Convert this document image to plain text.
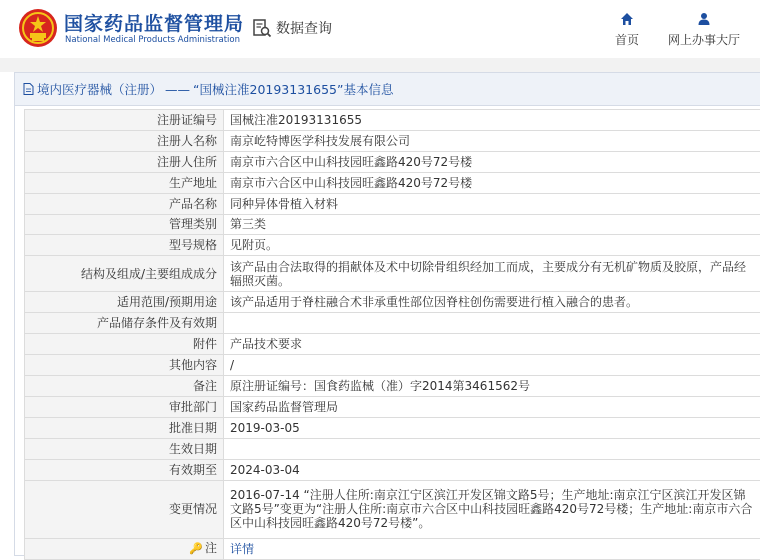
国家药品监督管理局
National Medical Products Administration
数据查询
首页 网上办事大厅
境内医疗器械（注册） —— “国械注准20193131655”基本信息
注册证编号	国械注准20193131655
注册人名称	南京屹特博医学科技发展有限公司
注册人住所	南京市六合区中山科技园旺鑫路420号72号楼
生产地址	南京市六合区中山科技园旺鑫路420号72号楼
产品名称	同种异体骨植入材料
管理类别	第三类
型号规格	见附页。
结构及组成/主要组成成分	该产品由合法取得的捐献体及术中切除骨组织经加工而成，主要成分有无机矿物质及胶原，产品经辐照灭菌。
适用范围/预期用途	该产品适用于脊柱融合术非承重性部位因脊柱创伤需要进行植入融合的患者。
产品储存条件及有效期	
附件	产品技术要求
其他内容	/
备注	原注册证编号：国食药监械（准）字2014第3461562号
审批部门	国家药品监督管理局
批准日期	2019-03-05
生效日期	
有效期至	2024-03-04
变更情况	2016-07-14 “注册人住所:南京江宁区滨江开发区锦文路5号；生产地址:南京江宁区滨江开发区锦文路5号”变更为“注册人住所:南京市六合区中山科技园旺鑫路420号72号楼；生产地址:南京市六合区中山科技园旺鑫路420号72号楼”。
🔑 注	详情
